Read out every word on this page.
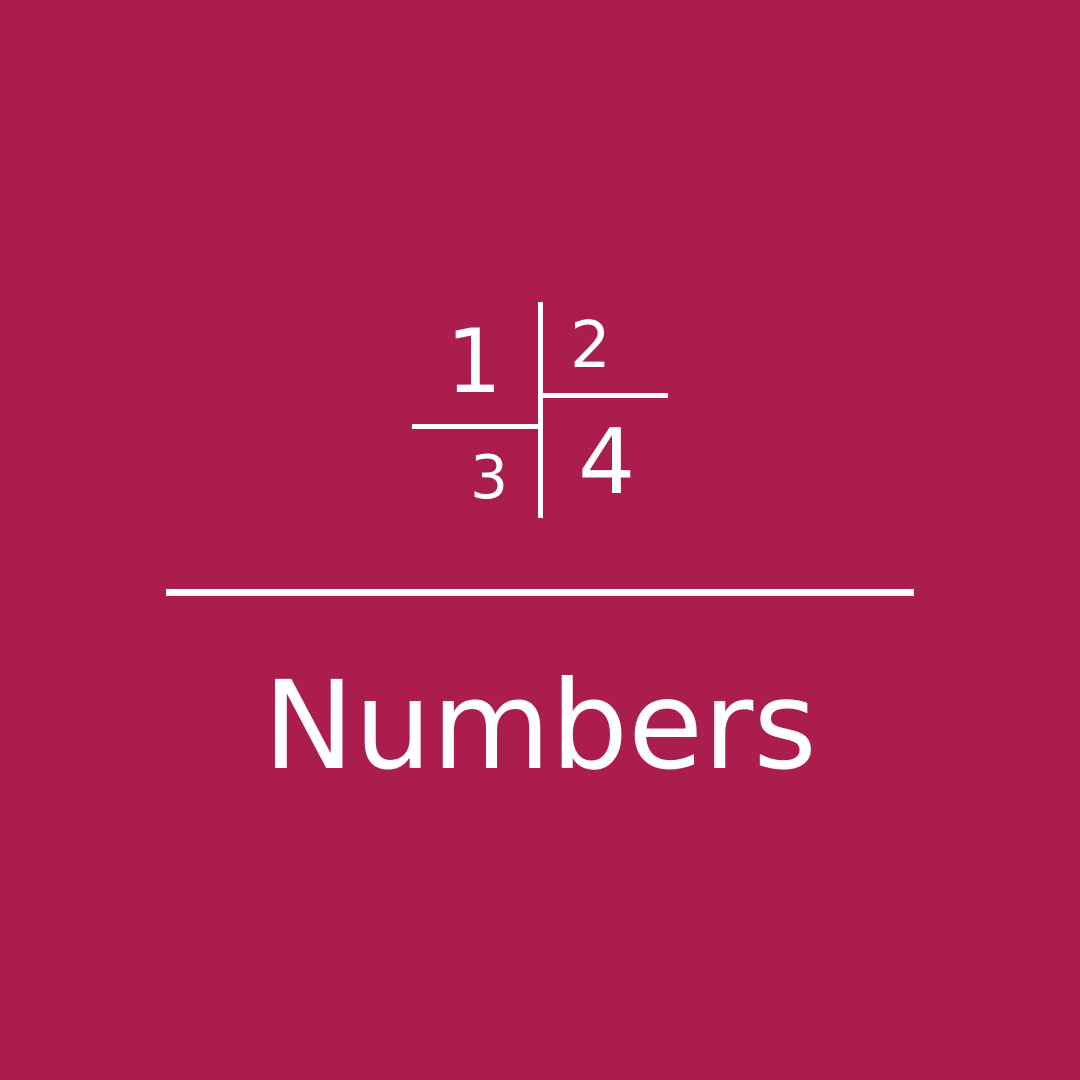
1 2
3 4
Numbers
